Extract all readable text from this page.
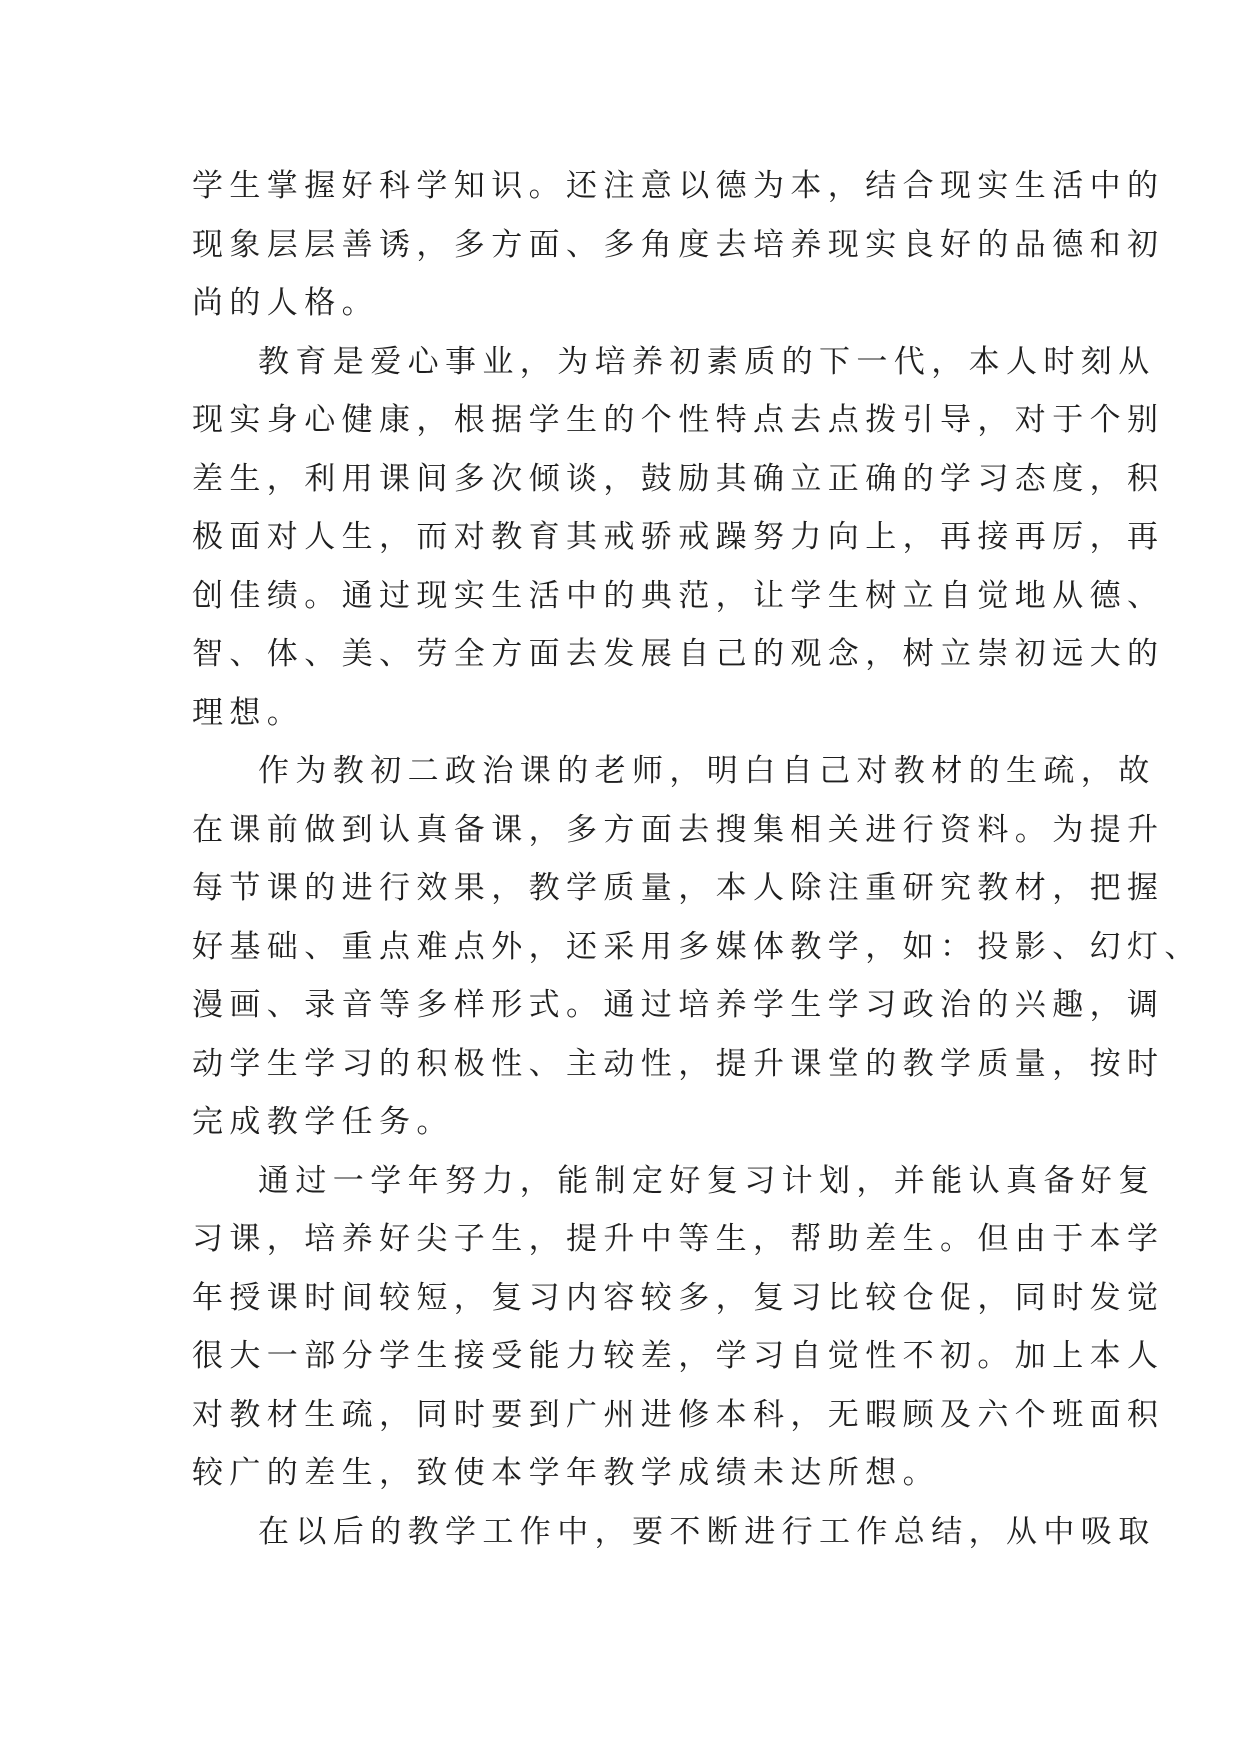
学生掌握好科学知识。还注意以德为本，结合现实生活中的
现象层层善诱，多方面、多角度去培养现实良好的品德和初
尚的人格。
教育是爱心事业，为培养初素质的下一代，本人时刻从
现实身心健康，根据学生的个性特点去点拨引导，对于个别
差生，利用课间多次倾谈，鼓励其确立正确的学习态度，积
极面对人生，而对教育其戒骄戒躁努力向上，再接再厉，再
创佳绩。通过现实生活中的典范，让学生树立自觉地从德、
智、体、美、劳全方面去发展自己的观念，树立崇初远大的
理想。
作为教初二政治课的老师，明白自己对教材的生疏，故
在课前做到认真备课，多方面去搜集相关进行资料。为提升
每节课的进行效果，教学质量，本人除注重研究教材，把握
好基础、重点难点外，还采用多媒体教学，如：投影、幻灯、
漫画、录音等多样形式。通过培养学生学习政治的兴趣，调
动学生学习的积极性、主动性，提升课堂的教学质量，按时
完成教学任务。
通过一学年努力，能制定好复习计划，并能认真备好复
习课，培养好尖子生，提升中等生，帮助差生。但由于本学
年授课时间较短，复习内容较多，复习比较仓促，同时发觉
很大一部分学生接受能力较差，学习自觉性不初。加上本人
对教材生疏，同时要到广州进修本科，无暇顾及六个班面积
较广的差生，致使本学年教学成绩未达所想。
在以后的教学工作中，要不断进行工作总结，从中吸取
